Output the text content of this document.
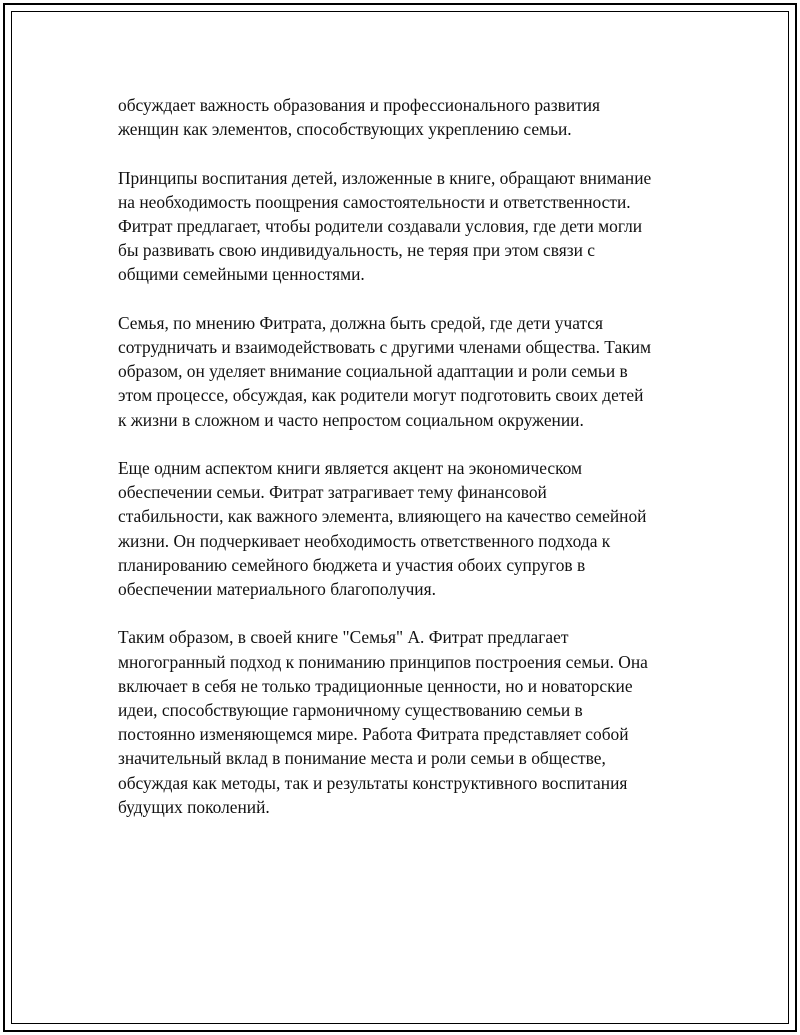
обсуждает важность образования и профессионального развития
женщин как элементов, способствующих укреплению семьи.
Принципы воспитания детей, изложенные в книге, обращают внимание
на необходимость поощрения самостоятельности и ответственности.
Фитрат предлагает, чтобы родители создавали условия, где дети могли
бы развивать свою индивидуальность, не теряя при этом связи с
общими семейными ценностями.
Семья, по мнению Фитрата, должна быть средой, где дети учатся
сотрудничать и взаимодействовать с другими членами общества. Таким
образом, он уделяет внимание социальной адаптации и роли семьи в
этом процессе, обсуждая, как родители могут подготовить своих детей
к жизни в сложном и часто непростом социальном окружении.
Еще одним аспектом книги является акцент на экономическом
обеспечении семьи. Фитрат затрагивает тему финансовой
стабильности, как важного элемента, влияющего на качество семейной
жизни. Он подчеркивает необходимость ответственного подхода к
планированию семейного бюджета и участия обоих супругов в
обеспечении материального благополучия.
Таким образом, в своей книге "Семья" А. Фитрат предлагает
многогранный подход к пониманию принципов построения семьи. Она
включает в себя не только традиционные ценности, но и новаторские
идеи, способствующие гармоничному существованию семьи в
постоянно изменяющемся мире. Работа Фитрата представляет собой
значительный вклад в понимание места и роли семьи в обществе,
обсуждая как методы, так и результаты конструктивного воспитания
будущих поколений.
